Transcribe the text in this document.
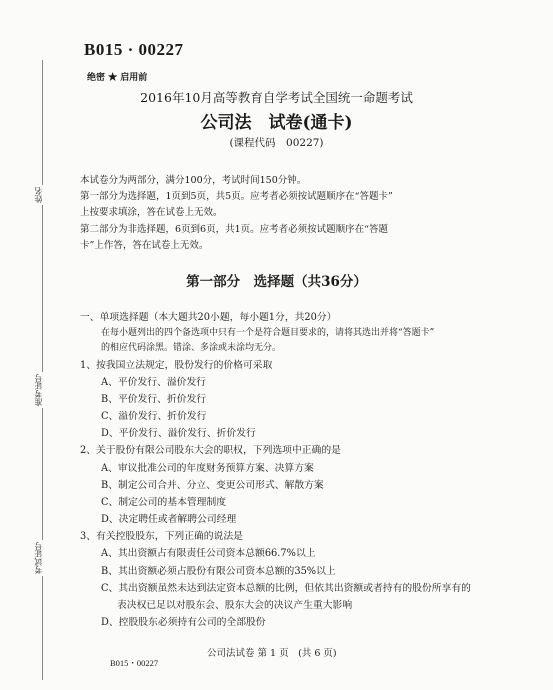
姓名
准考证号
考试证号
B015 · 00227
绝密 ★ 启用前
2016年10月高等教育自学考试全国统一命题考试
公司法　试卷(通卡)
(课程代码　00227)
本试卷分为两部分，满分100分，考试时间150分钟。
第一部分为选择题，1页到5页，共5页。应考者必须按试题顺序在“答题卡”
上按要求填涂，答在试卷上无效。
第二部分为非选择题，6页到6页，共1页。应考者必须按试题顺序在“答题
卡”上作答，答在试卷上无效。
第一部分　选择题（共36分）
一、单项选择题（本大题共20小题，每小题1分，共20分）
在每小题列出的四个备选项中只有一个是符合题目要求的，请将其选出并将“答题卡”
的相应代码涂黑。错涂、多涂或未涂均无分。
1、按我国立法规定，股份发行的价格可采取
A、平价发行、溢价发行
B、平价发行、折价发行
C、溢价发行、折价发行
D、平价发行、溢价发行、折价发行
2、关于股份有限公司股东大会的职权，下列选项中正确的是
A、审议批准公司的年度财务预算方案、决算方案
B、制定公司合并、分立、变更公司形式、解散方案
C、制定公司的基本管理制度
D、决定聘任或者解聘公司经理
3、有关控股股东，下列正确的说法是
A、其出资额占有限责任公司资本总额66.7%以上
B、其出资额必须占股份有限公司资本总额的35%以上
C、其出资额虽然未达到法定资本总额的比例，但依其出资额或者持有的股份所享有的
表决权已足以对股东会、股东大会的决议产生重大影响
D、控股股东必须持有公司的全部股份
公司法试卷 第 1 页　(共 6 页)
B015・00227
